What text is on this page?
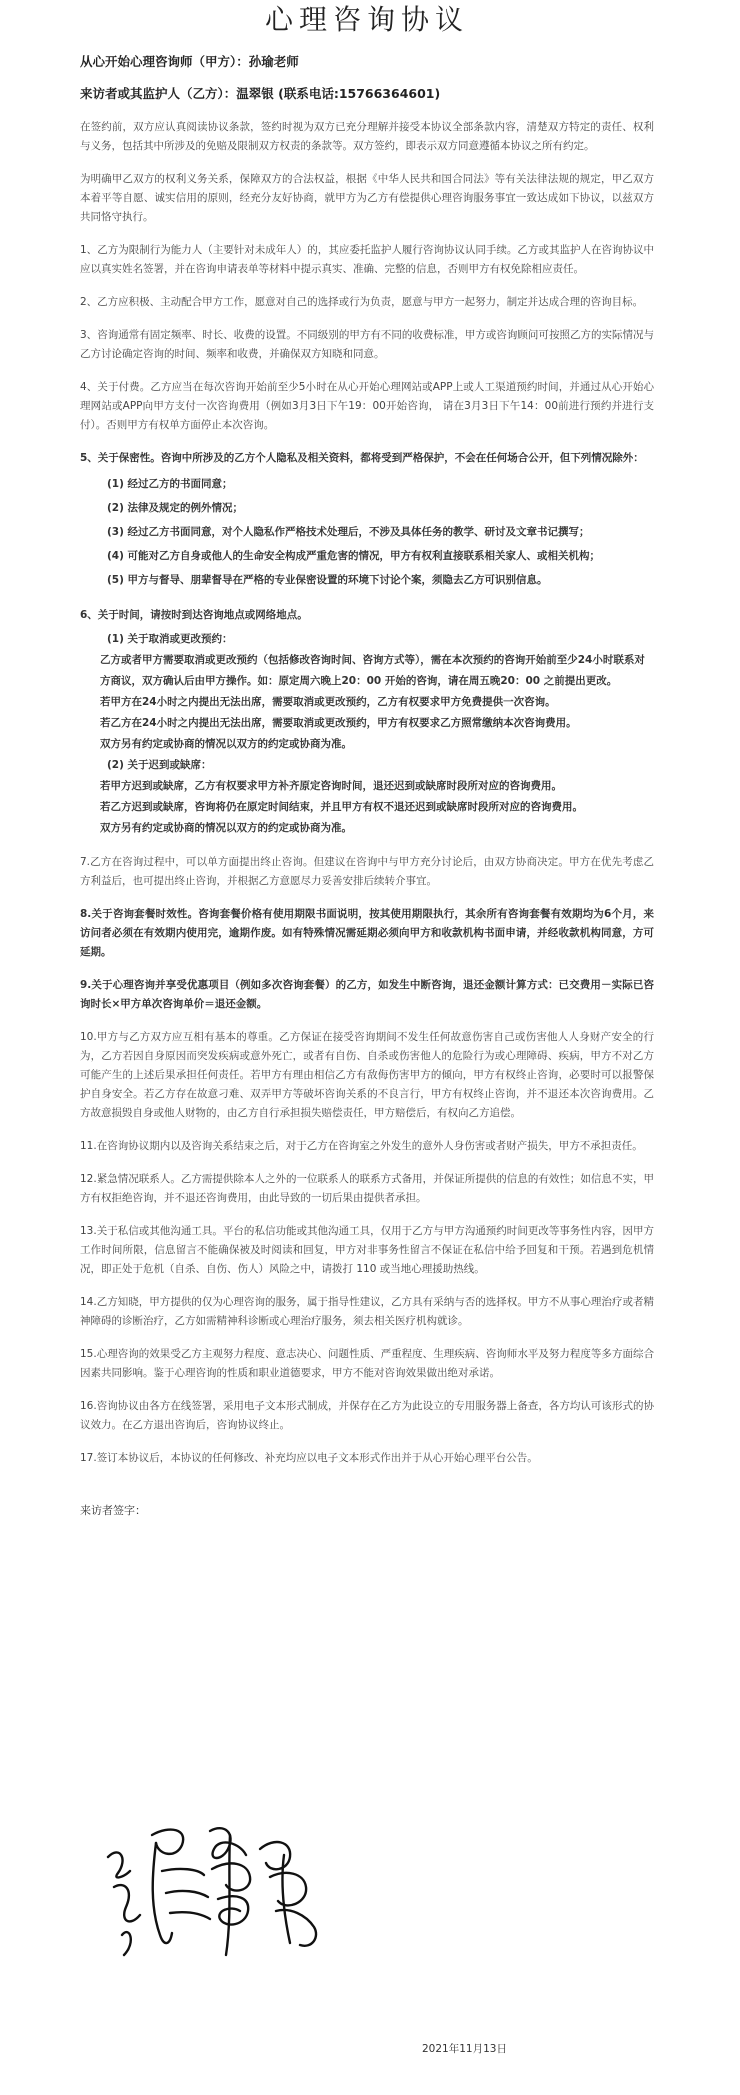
心理咨询协议
从心开始心理咨询师（甲方）：孙瑜老师
来访者或其监护人（乙方）：温翠银 (联系电话:15766364601)
在签约前，双方应认真阅读协议条款，签约时视为双方已充分理解并接受本协议全部条款内容，清楚双方特定的责任、权利与义务，包括其中所涉及的免赔及限制双方权责的条款等。双方签约，即表示双方同意遵循本协议之所有约定。
为明确甲乙双方的权利义务关系，保障双方的合法权益，根据《中华人民共和国合同法》等有关法律法规的规定，甲乙双方本着平等自愿、诚实信用的原则，经充分友好协商，就甲方为乙方有偿提供心理咨询服务事宜一致达成如下协议，以兹双方共同恪守执行。
1、乙方为限制行为能力人（主要针对未成年人）的，其应委托监护人履行咨询协议认同手续。乙方或其监护人在咨询协议中应以真实姓名签署，并在咨询申请表单等材料中提示真实、准确、完整的信息，否则甲方有权免除相应责任。
2、乙方应积极、主动配合甲方工作，愿意对自己的选择或行为负责，愿意与甲方一起努力，制定并达成合理的咨询目标。
3、咨询通常有固定频率、时长、收费的设置。不同级别的甲方有不同的收费标准，甲方或咨询顾问可按照乙方的实际情况与乙方讨论确定咨询的时间、频率和收费，并确保双方知晓和同意。
4、关于付费。乙方应当在每次咨询开始前至少5小时在从心开始心理网站或APP上或人工渠道预约时间，并通过从心开始心理网站或APP向甲方支付一次咨询费用（例如3月3日下午19：00开始咨询， 请在3月3日下午14：00前进行预约并进行支付）。否则甲方有权单方面停止本次咨询。
5、关于保密性。咨询中所涉及的乙方个人隐私及相关资料，都将受到严格保护，不会在任何场合公开，但下列情况除外：
(1) 经过乙方的书面同意；
(2) 法律及规定的例外情况；
(3) 经过乙方书面同意，对个人隐私作严格技术处理后，不涉及具体任务的教学、研讨及文章书记撰写；
(4) 可能对乙方自身或他人的生命安全构成严重危害的情况，甲方有权利直接联系相关家人、或相关机构；
(5) 甲方与督导、朋辈督导在严格的专业保密设置的环境下讨论个案，须隐去乙方可识别信息。
6、关于时间，请按时到达咨询地点或网络地点。
(1) 关于取消或更改预约：
乙方或者甲方需要取消或更改预约（包括修改咨询时间、咨询方式等），需在本次预约的咨询开始前至少24小时联系对方商议，双方确认后由甲方操作。如：原定周六晚上20：00 开始的咨询，请在周五晚20：00 之前提出更改。
若甲方在24小时之内提出无法出席，需要取消或更改预约，乙方有权要求甲方免费提供一次咨询。
若乙方在24小时之内提出无法出席，需要取消或更改预约，甲方有权要求乙方照常缴纳本次咨询费用。
双方另有约定或协商的情况以双方的约定或协商为准。
(2) 关于迟到或缺席：
若甲方迟到或缺席，乙方有权要求甲方补齐原定咨询时间，退还迟到或缺席时段所对应的咨询费用。
若乙方迟到或缺席，咨询将仍在原定时间结束，并且甲方有权不退还迟到或缺席时段所对应的咨询费用。
双方另有约定或协商的情况以双方的约定或协商为准。
7.乙方在咨询过程中，可以单方面提出终止咨询。但建议在咨询中与甲方充分讨论后，由双方协商决定。甲方在优先考虑乙方利益后，也可提出终止咨询，并根据乙方意愿尽力妥善安排后续转介事宜。
8.关于咨询套餐时效性。咨询套餐价格有使用期限书面说明，按其使用期限执行，其余所有咨询套餐有效期均为6个月，来访问者必须在有效期内使用完，逾期作废。如有特殊情况需延期必须向甲方和收款机构书面申请，并经收款机构同意，方可延期。
9.关于心理咨询并享受优惠项目（例如多次咨询套餐）的乙方，如发生中断咨询，退还金额计算方式：已交费用－实际已咨询时长×甲方单次咨询单价＝退还金额。
10.甲方与乙方双方应互相有基本的尊重。乙方保证在接受咨询期间不发生任何故意伤害自己或伤害他人人身财产安全的行为，乙方若因自身原因而突发疾病或意外死亡，或者有自伤、自杀或伤害他人的危险行为或心理障碍、疾病，甲方不对乙方可能产生的上述后果承担任何责任。若甲方有理由相信乙方有敌侮伤害甲方的倾向，甲方有权终止咨询，必要时可以报警保护自身安全。若乙方存在故意刁难、双弄甲方等破坏咨询关系的不良言行，甲方有权终止咨询，并不退还本次咨询费用。乙方故意损毁自身或他人财物的，由乙方自行承担损失赔偿责任，甲方赔偿后，有权向乙方追偿。
11.在咨询协议期内以及咨询关系结束之后，对于乙方在咨询室之外发生的意外人身伤害或者财产损失，甲方不承担责任。
12.紧急情况联系人。乙方需提供除本人之外的一位联系人的联系方式备用，并保证所提供的信息的有效性；如信息不实，甲方有权拒绝咨询，并不退还咨询费用，由此导致的一切后果由提供者承担。
13.关于私信或其他沟通工具。平台的私信功能或其他沟通工具，仅用于乙方与甲方沟通预约时间更改等事务性内容，因甲方工作时间所限，信息留言不能确保被及时阅读和回复，甲方对非事务性留言不保证在私信中给予回复和干预。若遇到危机情况，即正处于危机（自杀、自伤、伤人）风险之中，请拨打 110 或当地心理援助热线。
14.乙方知晓，甲方提供的仅为心理咨询的服务，属于指导性建议，乙方具有采纳与否的选择权。甲方不从事心理治疗或者精神障碍的诊断治疗，乙方如需精神科诊断或心理治疗服务，须去相关医疗机构就诊。
15.心理咨询的效果受乙方主观努力程度、意志决心、问题性质、严重程度、生理疾病、咨询师水平及努力程度等多方面综合因素共同影响。鉴于心理咨询的性质和职业道德要求，甲方不能对咨询效果做出绝对承诺。
16.咨询协议由各方在线签署，采用电子文本形式制成，并保存在乙方为此设立的专用服务器上备查，各方均认可该形式的协议效力。在乙方退出咨询后，咨询协议终止。
17.签订本协议后，本协议的任何修改、补充均应以电子文本形式作出并于从心开始心理平台公告。
来访者签字：
2021年11月13日
